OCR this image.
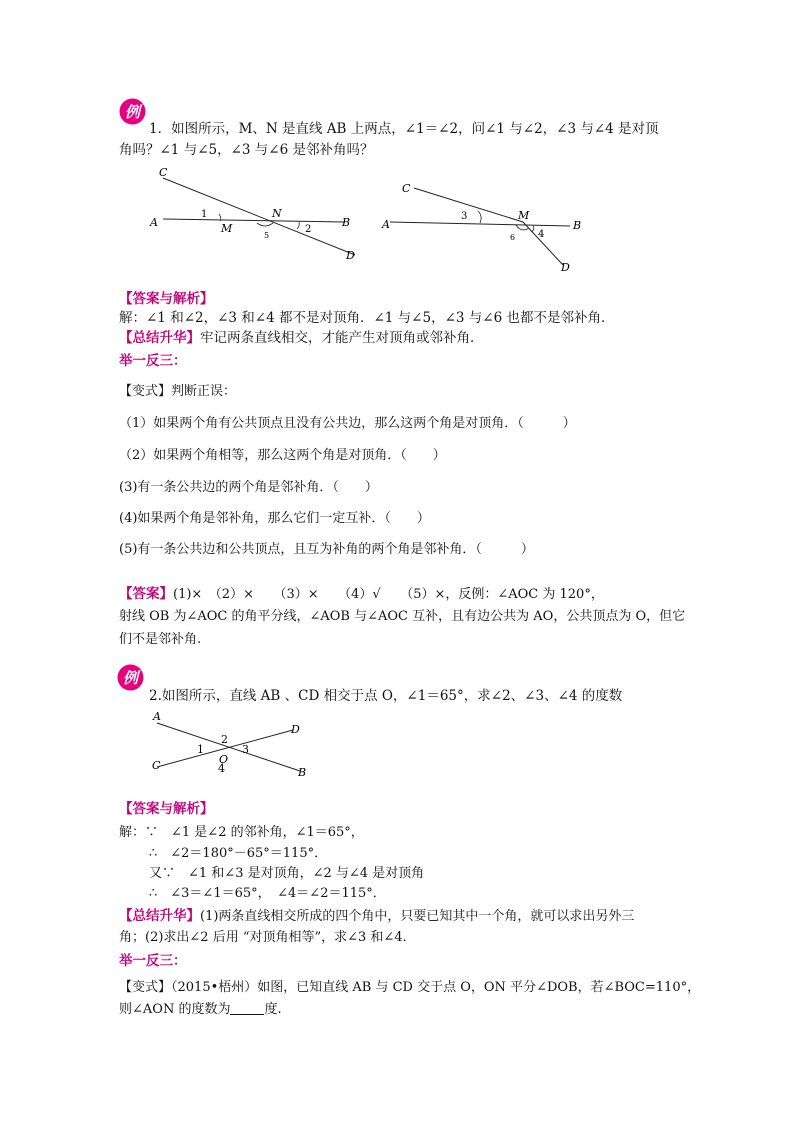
例
1．如图所示，M、N 是直线 AB 上两点，∠1＝∠2，问∠1 与∠2，∠3 与∠4 是对顶
角吗？∠1 与∠5，∠3 与∠6 是邻补角吗？
A
C
M
N
B
D
1
2
5
A
C
M
B
D
3
4
6
【答案与解析】
解：∠1 和∠2，∠3 和∠4 都不是对顶角．∠1 与∠5，∠3 与∠6 也都不是邻补角．
【总结升华】牢记两条直线相交，才能产生对顶角或邻补角．
举一反三：
【变式】判断正误：
（1）如果两个角有公共顶点且没有公共边，那么这两个角是对顶角．（　　　）
（2）如果两个角相等，那么这两个角是对顶角．（　　）
(3)有一条公共边的两个角是邻补角．（　　）
(4)如果两个角是邻补角，那么它们一定互补．（　　）
(5)有一条公共边和公共顶点，且互为补角的两个角是邻补角．（　　　）
【答案】(1)×　（2）×　　（3）×　　（4）√　　（5）×，反例：∠AOC 为 120°，
射线 OB 为∠AOC 的角平分线，∠AOB 与∠AOC 互补，且有边公共为 AO，公共顶点为 O，但它
们不是邻补角.
例
2.如图所示，直线 AB 、CD 相交于点 O，∠1＝65°，求∠2、∠3、∠4 的度数
A
D
C
B
O
1
2
3
4
【答案与解析】
解：∵　∠1 是∠2 的邻补角，∠1＝65°，
∴　∠2＝180°－65°＝115°．
又∵　∠1 和∠3 是对顶角，∠2 与∠4 是对顶角
∴　∠3＝∠1＝65°，　∠4＝∠2＝115°．
【总结升华】(1)两条直线相交所成的四个角中，只要已知其中一个角，就可以求出另外三
角；(2)求出∠2 后用 “对顶角相等”，求∠3 和∠4．
举一反三：
【变式】（2015•梧州）如图，已知直线 AB 与 CD 交于点 O，ON 平分∠DOB，若∠BOC=110°，
则∠AON 的度数为	度.
